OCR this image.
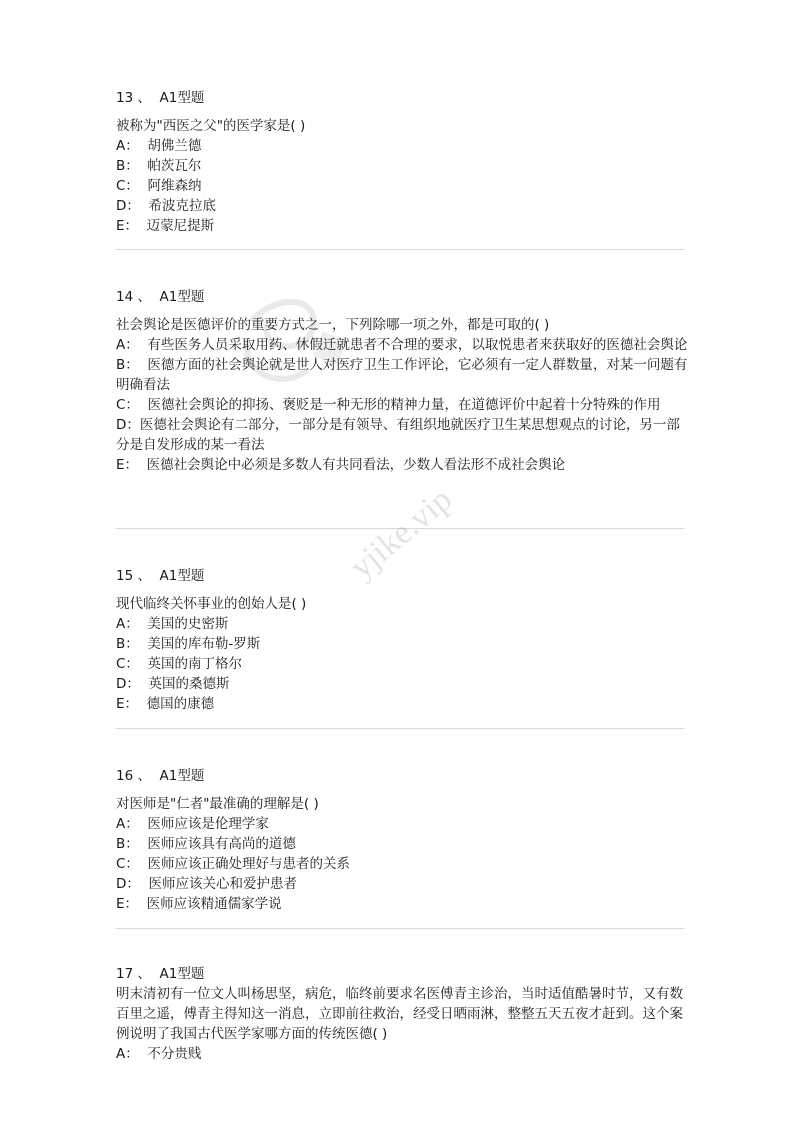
13 、  A1型题
被称为"西医之父"的医学家是( )
A：  胡佛兰德
B：  帕茨瓦尔
C：  阿维森纳
D：  希波克拉底
E：  迈蒙尼提斯
14 、  A1型题
社会舆论是医德评价的重要方式之一，下列除哪一项之外，都是可取的( )
A：  有些医务人员采取用药、休假迁就患者不合理的要求，以取悦患者来获取好的医德社会舆论
B：  医德方面的社会舆论就是世人对医疗卫生工作评论，它必须有一定人群数量，对某一问题有明确看法
C：  医德社会舆论的抑扬、褒贬是一种无形的精神力量，在道德评价中起着十分特殊的作用
D：医德社会舆论有二部分，一部分是有领导、有组织地就医疗卫生某思想观点的讨论，另一部分是自发形成的某一看法
E：  医德社会舆论中必须是多数人有共同看法，少数人看法形不成社会舆论
15 、  A1型题
现代临终关怀事业的创始人是( )
A：  美国的史密斯
B：  美国的库布勒-罗斯
C：  英国的南丁格尔
D：  英国的桑德斯
E：  德国的康德
16 、  A1型题
对医师是"仁者"最准确的理解是( )
A：  医师应该是伦理学家
B：  医师应该具有高尚的道德
C：  医师应该正确处理好与患者的关系
D：  医师应该关心和爱护患者
E：  医师应该精通儒家学说
17 、  A1型题
明末清初有一位文人叫杨思坚，病危，临终前要求名医傅青主诊治，当时适值酷暑时节，又有数百里之遥，傅青主得知这一消息，立即前往救治，经受日晒雨淋，整整五天五夜才赶到。这个案例说明了我国古代医学家哪方面的传统医德( )
A：  不分贵贱
yjike.vip
